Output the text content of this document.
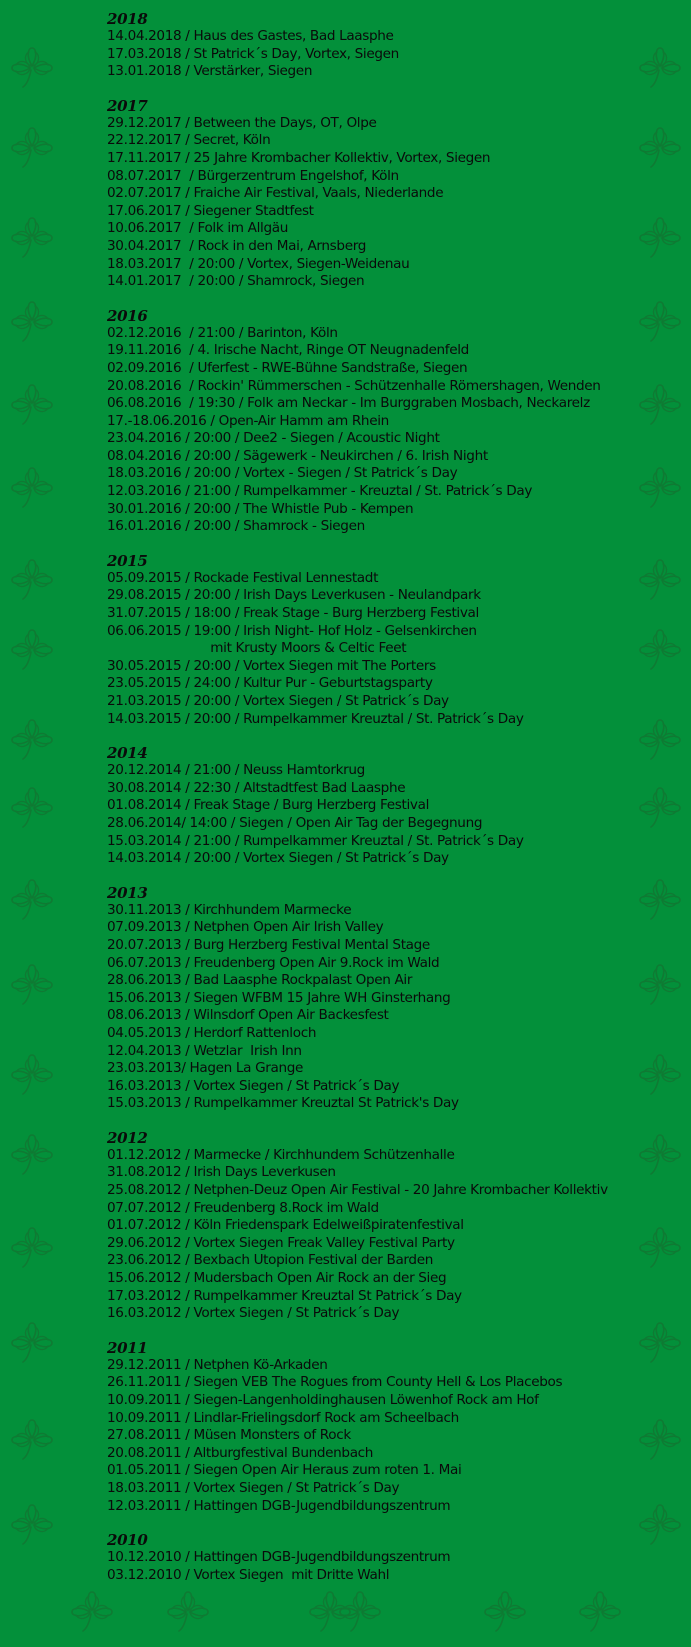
2018
14.04.2018 / Haus des Gastes, Bad Laasphe
17.03.2018 / St Patrick´s Day, Vortex, Siegen
13.01.2018 / Verstärker, Siegen
2017
29.12.2017 / Between the Days, OT, Olpe
22.12.2017 / Secret, Köln
17.11.2017 / 25 Jahre Krombacher Kollektiv, Vortex, Siegen
08.07.2017  / Bürgerzentrum Engelshof, Köln
02.07.2017 / Fraiche Air Festival, Vaals, Niederlande
17.06.2017 / Siegener Stadtfest
10.06.2017  / Folk im Allgäu
30.04.2017  / Rock in den Mai, Arnsberg
18.03.2017  / 20:00 / Vortex, Siegen-Weidenau
14.01.2017  / 20:00 / Shamrock, Siegen
2016
02.12.2016  / 21:00 / Barinton, Köln
19.11.2016  / 4. Irische Nacht, Ringe OT Neugnadenfeld
02.09.2016  / Uferfest - RWE-Bühne Sandstraße, Siegen
20.08.2016  / Rockin' Rümmerschen - Schützenhalle Römershagen, Wenden
06.08.2016  / 19:30 / Folk am Neckar - Im Burggraben Mosbach, Neckarelz
17.-18.06.2016 / Open-Air Hamm am Rhein
23.04.2016 / 20:00 / Dee2 - Siegen / Acoustic Night
08.04.2016 / 20:00 / Sägewerk - Neukirchen / 6. Irish Night
18.03.2016 / 20:00 / Vortex - Siegen / St Patrick´s Day
12.03.2016 / 21:00 / Rumpelkammer - Kreuztal / St. Patrick´s Day
30.01.2016 / 20:00 / The Whistle Pub - Kempen
16.01.2016 / 20:00 / Shamrock - Siegen
2015
05.09.2015 / Rockade Festival Lennestadt
29.08.2015 / 20:00 / Irish Days Leverkusen - Neulandpark
31.07.2015 / 18:00 / Freak Stage - Burg Herzberg Festival
06.06.2015 / 19:00 / Irish Night- Hof Holz - Gelsenkirchen
mit Krusty Moors & Celtic Feet
30.05.2015 / 20:00 / Vortex Siegen mit The Porters
23.05.2015 / 24:00 / Kultur Pur - Geburtstagsparty
21.03.2015 / 20:00 / Vortex Siegen / St Patrick´s Day
14.03.2015 / 20:00 / Rumpelkammer Kreuztal / St. Patrick´s Day
2014
20.12.2014 / 21:00 / Neuss Hamtorkrug
30.08.2014 / 22:30 / Altstadtfest Bad Laasphe
01.08.2014 / Freak Stage / Burg Herzberg Festival
28.06.2014/ 14:00 / Siegen / Open Air Tag der Begegnung
15.03.2014 / 21:00 / Rumpelkammer Kreuztal / St. Patrick´s Day
14.03.2014 / 20:00 / Vortex Siegen / St Patrick´s Day
2013
30.11.2013 / Kirchhundem Marmecke
07.09.2013 / Netphen Open Air Irish Valley
20.07.2013 / Burg Herzberg Festival Mental Stage
06.07.2013 / Freudenberg Open Air 9.Rock im Wald
28.06.2013 / Bad Laasphe Rockpalast Open Air
15.06.2013 / Siegen WFBM 15 Jahre WH Ginsterhang
08.06.2013 / Wilnsdorf Open Air Backesfest
04.05.2013 / Herdorf Rattenloch
12.04.2013 / Wetzlar  Irish Inn
23.03.2013/ Hagen La Grange
16.03.2013 / Vortex Siegen / St Patrick´s Day
15.03.2013 / Rumpelkammer Kreuztal St Patrick's Day
2012
01.12.2012 / Marmecke / Kirchhundem Schützenhalle
31.08.2012 / Irish Days Leverkusen
25.08.2012 / Netphen-Deuz Open Air Festival - 20 Jahre Krombacher Kollektiv
07.07.2012 / Freudenberg 8.Rock im Wald
01.07.2012 / Köln Friedenspark Edelweißpiratenfestival
29.06.2012 / Vortex Siegen Freak Valley Festival Party
23.06.2012 / Bexbach Utopion Festival der Barden
15.06.2012 / Mudersbach Open Air Rock an der Sieg
17.03.2012 / Rumpelkammer Kreuztal St Patrick´s Day
16.03.2012 / Vortex Siegen / St Patrick´s Day
2011
29.12.2011 / Netphen Kö-Arkaden
26.11.2011 / Siegen VEB The Rogues from County Hell & Los Placebos
10.09.2011 / Siegen-Langenholdinghausen Löwenhof Rock am Hof
10.09.2011 / Lindlar-Frielingsdorf Rock am Scheelbach
27.08.2011 / Müsen Monsters of Rock
20.08.2011 / Altburgfestival Bundenbach
01.05.2011 / Siegen Open Air Heraus zum roten 1. Mai
18.03.2011 / Vortex Siegen / St Patrick´s Day
12.03.2011 / Hattingen DGB-Jugendbildungszentrum
2010
10.12.2010 / Hattingen DGB-Jugendbildungszentrum
03.12.2010 / Vortex Siegen  mit Dritte Wahl
